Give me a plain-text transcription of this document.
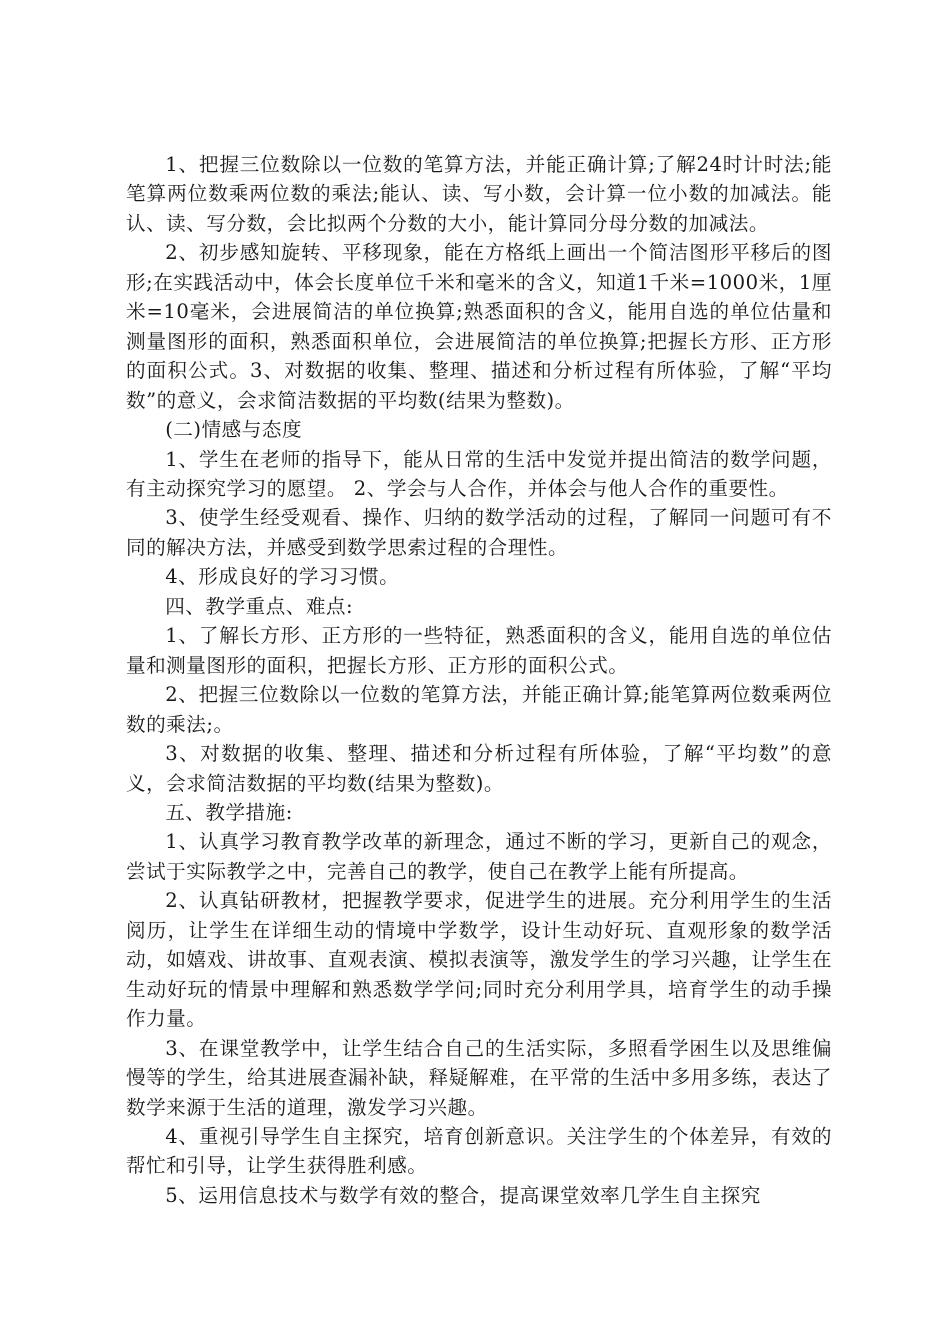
1、把握三位数除以一位数的笔算方法，并能正确计算;了解24时计时法;能笔算两位数乘两位数的乘法;能认、读、写小数，会计算一位小数的加减法。能认、读、写分数，会比拟两个分数的大小，能计算同分母分数的加减法。

2、初步感知旋转、平移现象，能在方格纸上画出一个简洁图形平移后的图形;在实践活动中，体会长度单位千米和毫米的含义，知道1千米=1000米，1厘米=10毫米，会进展简洁的单位换算;熟悉面积的含义，能用自选的单位估量和测量图形的面积，熟悉面积单位，会进展简洁的单位换算;把握长方形、正方形的面积公式。3、对数据的收集、整理、描述和分析过程有所体验，了解“平均数”的意义，会求简洁数据的平均数(结果为整数)。

(二)情感与态度

1、学生在老师的指导下，能从日常的生活中发觉并提出简洁的数学问题，有主动探究学习的愿望。 2、学会与人合作，并体会与他人合作的重要性。

3、使学生经受观看、操作、归纳的数学活动的过程，了解同一问题可有不同的解决方法，并感受到数学思索过程的合理性。

4、形成良好的学习习惯。

四、教学重点、难点:

1、了解长方形、正方形的一些特征，熟悉面积的含义，能用自选的单位估量和测量图形的面积，把握长方形、正方形的面积公式。

2、把握三位数除以一位数的笔算方法，并能正确计算;能笔算两位数乘两位数的乘法;。

3、对数据的收集、整理、描述和分析过程有所体验，了解“平均数”的意义，会求简洁数据的平均数(结果为整数)。

五、教学措施:

1、认真学习教育教学改革的新理念，通过不断的学习，更新自己的观念，尝试于实际教学之中，完善自己的教学，使自己在教学上能有所提高。

2、认真钻研教材，把握教学要求，促进学生的进展。充分利用学生的生活阅历，让学生在详细生动的情境中学数学，设计生动好玩、直观形象的数学活动，如嬉戏、讲故事、直观表演、模拟表演等，激发学生的学习兴趣，让学生在生动好玩的情景中理解和熟悉数学学问;同时充分利用学具，培育学生的动手操作力量。

3、在课堂教学中，让学生结合自己的生活实际，多照看学困生以及思维偏慢等的学生，给其进展查漏补缺，释疑解难，在平常的生活中多用多练，表达了数学来源于生活的道理，激发学习兴趣。

4、重视引导学生自主探究，培育创新意识。关注学生的个体差异，有效的帮忙和引导，让学生获得胜利感。

5、运用信息技术与数学有效的整合，提高课堂效率几学生自主探究
